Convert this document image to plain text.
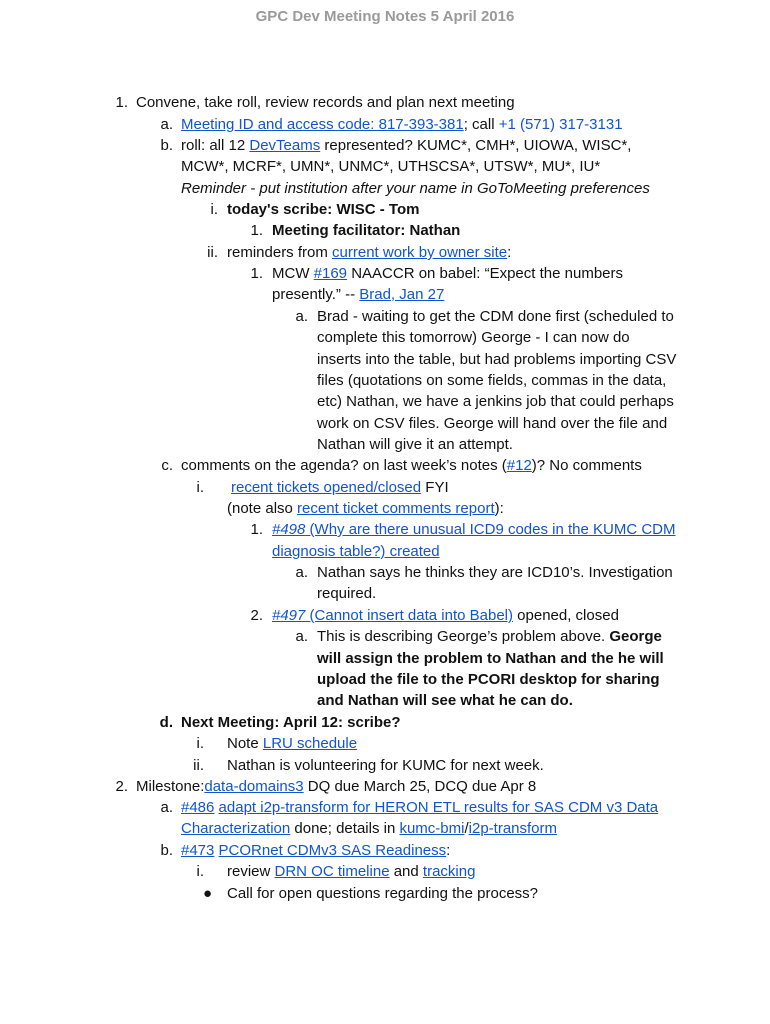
GPC Dev Meeting Notes 5 April 2016
1. Convene, take roll, review records and plan next meeting
a. Meeting ID and access code: 817-393-381; call +1 (571) 317-3131
b. roll: all 12 DevTeams represented? KUMC*, CMH*, UIOWA, WISC*,
MCW*, MCRF*, UMN*, UNMC*, UTHSCSA*, UTSW*, MU*, IU*
Reminder - put institution after your name in GoToMeeting preferences
i. today's scribe: WISC - Tom
1. Meeting facilitator: Nathan
ii. reminders from current work by owner site:
1. MCW #169 NAACCR on babel: “Expect the numbers
presently.” -- Brad, Jan 27
a. Brad - waiting to get the CDM done first (scheduled to
complete this tomorrow) George - I can now do
inserts into the table, but had problems importing CSV
files (quotations on some fields, commas in the data,
etc) Nathan, we have a jenkins job that could perhaps
work on CSV files. George will hand over the file and
Nathan will give it an attempt.
c. comments on the agenda? on last week’s notes (#12)? No comments
i. recent tickets opened/closed FYI
(note also recent ticket comments report):
1. #498 (Why are there unusual ICD9 codes in the KUMC CDM
diagnosis table?) created
a. Nathan says he thinks they are ICD10’s. Investigation
required.
2. #497 (Cannot insert data into Babel) opened, closed
a. This is describing George’s problem above. George
will assign the problem to Nathan and the he will
upload the file to the PCORI desktop for sharing
and Nathan will see what he can do.
d. Next Meeting: April 12: scribe?
i. Note LRU schedule
ii. Nathan is volunteering for KUMC for next week.
2. Milestone:data-domains3 DQ due March 25, DCQ due Apr 8
a. #486 adapt i2p-transform for HERON ETL results for SAS CDM v3 Data
Characterization done; details in kumc-bmi/i2p-transform
b. #473 PCORnet CDMv3 SAS Readiness:
i. review DRN OC timeline and tracking
● Call for open questions regarding the process?
